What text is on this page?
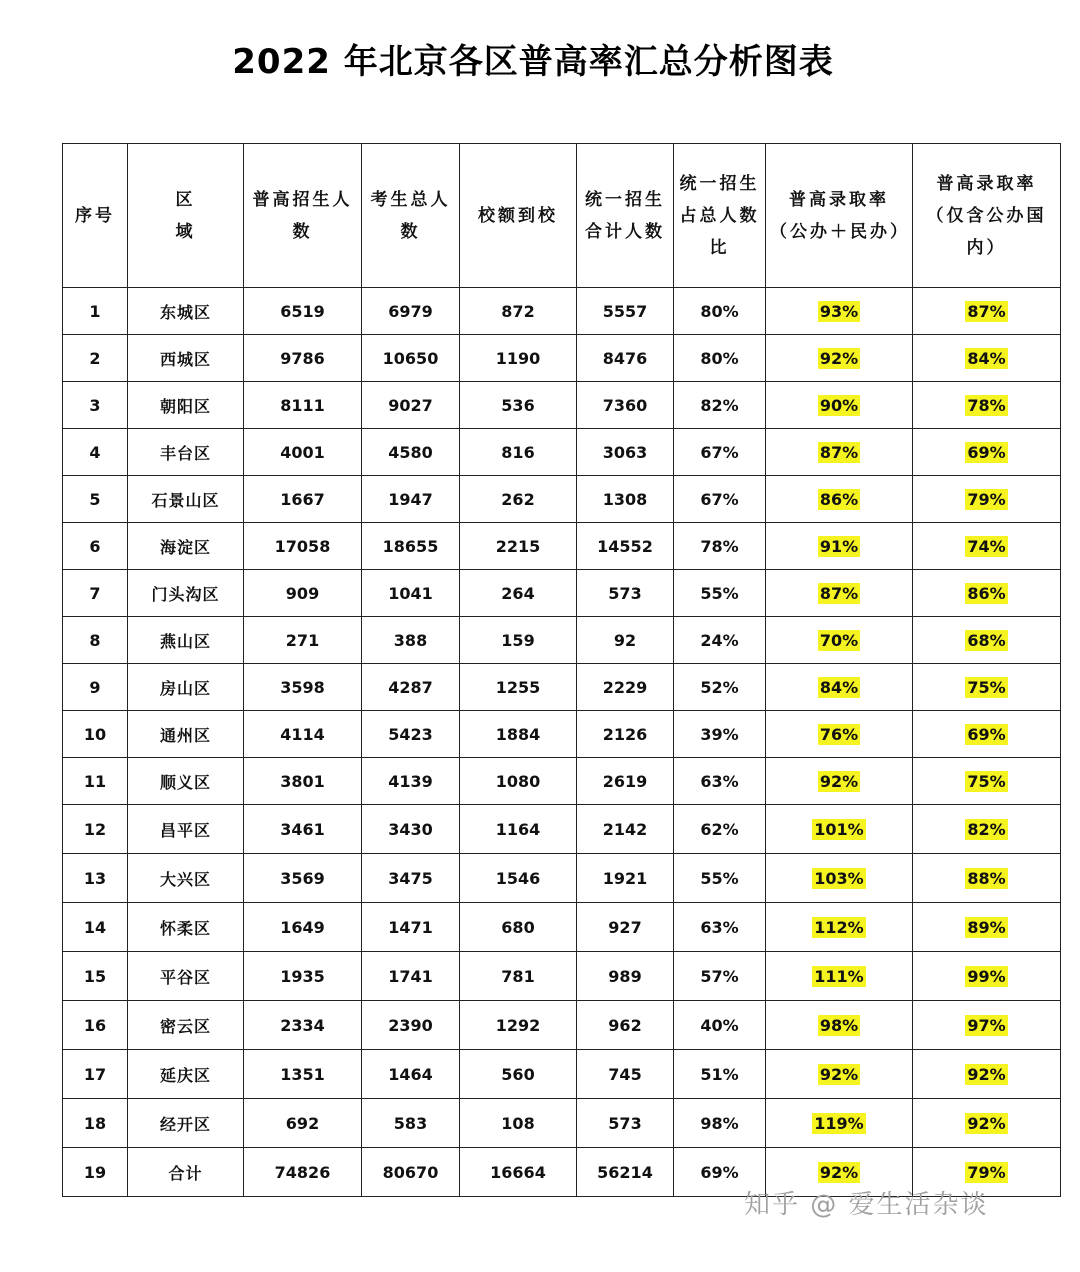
2022 年北京各区普高率汇总分析图表
序号	区　　　　域	普高招生人数	考生总人数	校额到校	统一招生合计人数	统一招生占总人数比	普高录取率（公办＋民办）	普高录取率（仅含公办国内）
1	东城区	6519	6979	872	5557	80%	93%	87%
2	西城区	9786	10650	1190	8476	80%	92%	84%
3	朝阳区	8111	9027	536	7360	82%	90%	78%
4	丰台区	4001	4580	816	3063	67%	87%	69%
5	石景山区	1667	1947	262	1308	67%	86%	79%
6	海淀区	17058	18655	2215	14552	78%	91%	74%
7	门头沟区	909	1041	264	573	55%	87%	86%
8	燕山区	271	388	159	92	24%	70%	68%
9	房山区	3598	4287	1255	2229	52%	84%	75%
10	通州区	4114	5423	1884	2126	39%	76%	69%
11	顺义区	3801	4139	1080	2619	63%	92%	75%
12	昌平区	3461	3430	1164	2142	62%	101%	82%
13	大兴区	3569	3475	1546	1921	55%	103%	88%
14	怀柔区	1649	1471	680	927	63%	112%	89%
15	平谷区	1935	1741	781	989	57%	111%	99%
16	密云区	2334	2390	1292	962	40%	98%	97%
17	延庆区	1351	1464	560	745	51%	92%	92%
18	经开区	692	583	108	573	98%	119%	92%
19	合计	74826	80670	16664	56214	69%	92%	79%
知乎 @ 爱生活杂谈
